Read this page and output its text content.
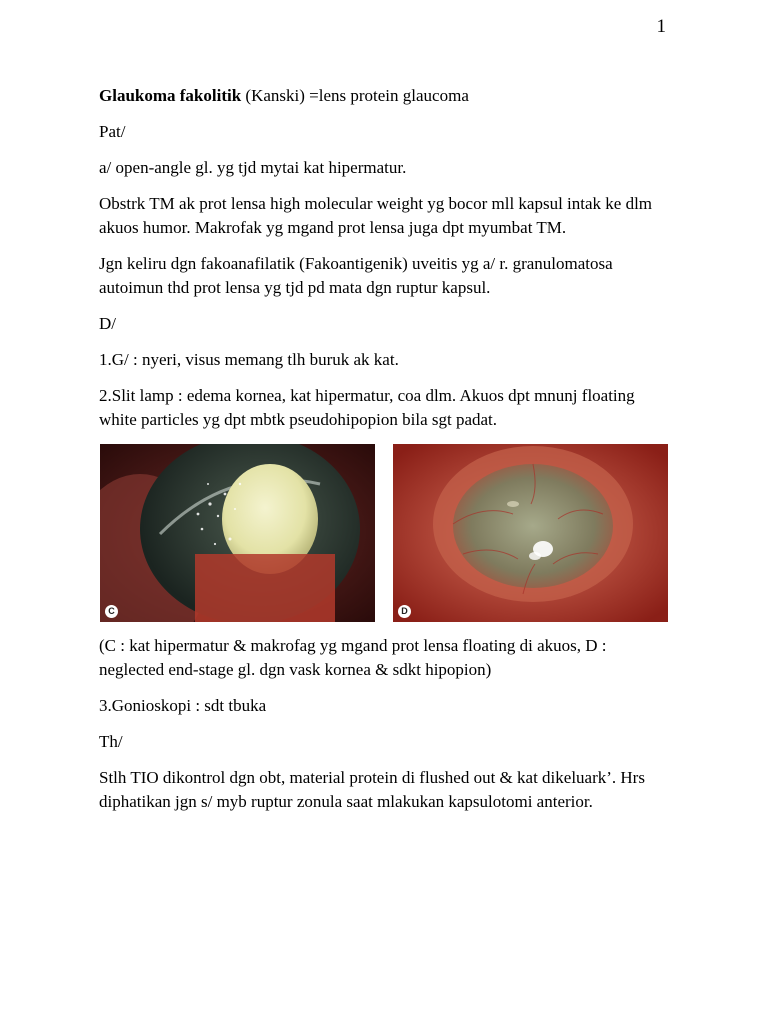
1

Glaukoma fakolitik (Kanski) =lens protein glaucoma

Pat/

a/ open-angle gl. yg tjd mytai kat hipermatur.

Obstrk TM ak prot lensa high molecular weight yg bocor mll kapsul intak ke dlm akuos humor. Makrofak yg mgand prot lensa juga dpt myumbat TM.

Jgn keliru dgn fakoanafilatik (Fakoantigenik) uveitis yg a/ r. granulomatosa autoimun thd prot lensa yg tjd pd mata dgn ruptur kapsul.

D/

1.G/ : nyeri, visus memang tlh buruk ak kat.

2.Slit lamp : edema kornea, kat hipermatur, coa dlm. Akuos dpt mnunj floating white particles yg dpt mbtk pseudohipopion bila sgt padat.

C	D

(C : kat hipermatur & makrofag yg mgand prot lensa floating di akuos, D : neglected end-stage gl. dgn vask kornea & sdkt hipopion)

3.Gonioskopi : sdt tbuka

Th/

Stlh TIO dikontrol dgn obt, material protein di flushed out & kat dikeluark’. Hrs diphatikan jgn s/ myb ruptur zonula saat mlakukan kapsulotomi anterior.
